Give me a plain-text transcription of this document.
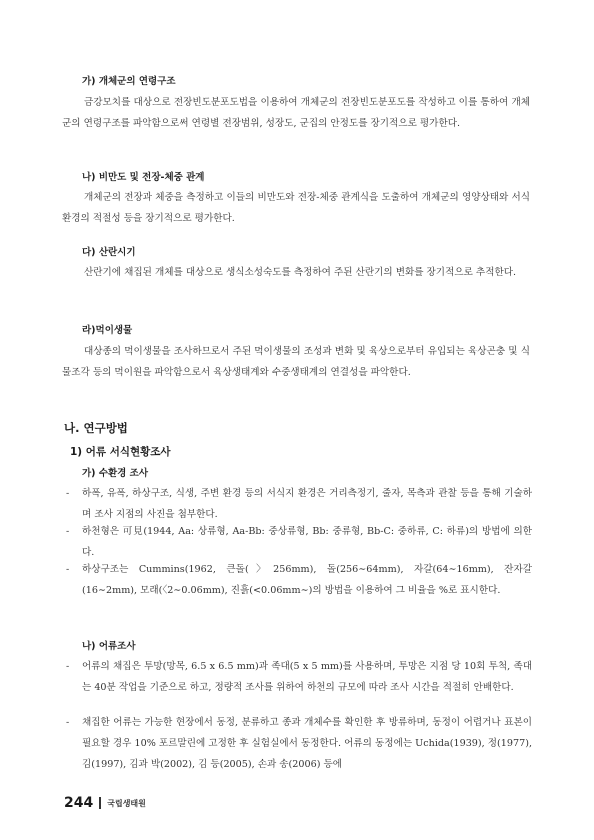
가) 개체군의 연령구조
금강모치를 대상으로 전장빈도분포도법을 이용하여 개체군의 전장빈도분포도를 작성하고 이를 통하여 개체군의 연령구조를 파악함으로써 연령별 전장범위, 성장도, 군집의 안정도를 장기적으로 평가한다.
나) 비만도 및 전장-체중 관계
개체군의 전장과 체중을 측정하고 이들의 비만도와 전장-체중 관계식을 도출하여 개체군의 영양상태와 서식환경의 적절성 등을 장기적으로 평가한다.
다) 산란시기
산란기에 채집된 개체를 대상으로 생식소성숙도를 측정하여 주된 산란기의 변화를 장기적으로 추적한다.
라)먹이생물
대상종의 먹이생물을 조사하므로서 주된 먹이생물의 조성과 변화 및 육상으로부터 유입되는 육상곤충 및 식물조각 등의 먹이원을 파악함으로서 육상생태계와 수중생태계의 연결성을 파악한다.
나. 연구방법
1) 어류 서식현황조사
가) 수환경 조사
- 하폭, 유폭, 하상구조, 식생, 주변 환경 등의 서식지 환경은 거리측정기, 줄자, 목측과 관찰 등을 통해 기술하며 조사 지점의 사진을 첨부한다.
- 하천형은 可見(1944, Aa: 상류형, Aa-Bb: 중상류형, Bb: 중류형, Bb-C: 중하류, C: 하류)의 방법에 의한다.
- 하상구조는 Cummins(1962, 큰돌(〉256mm), 돌(256∼64mm), 자갈(64∼16mm), 잔자갈(16∼2mm), 모래(〈2∼0.06mm), 진흙(<0.06mm∼)의 방법을 이용하여 그 비율을 %로 표시한다.
나) 어류조사
- 어류의 채집은 투망(망목, 6.5 x 6.5 mm)과 족대(5 x 5 mm)를 사용하며, 투망은 지점 당 10회 투척, 족대는 40분 작업을 기준으로 하고, 정량적 조사를 위하여 하천의 규모에 따라 조사 시간을 적절히 안배한다.
- 채집한 어류는 가능한 현장에서 동정, 분류하고 종과 개체수를 확인한 후 방류하며, 동정이 어렵거나 표본이 필요할 경우 10% 포르말린에 고정한 후 실험실에서 동정한다. 어류의 동정에는 Uchida(1939), 정(1977), 김(1997), 김과 박(2002), 김 등(2005), 손과 송(2006) 등에
244 국립생태원
